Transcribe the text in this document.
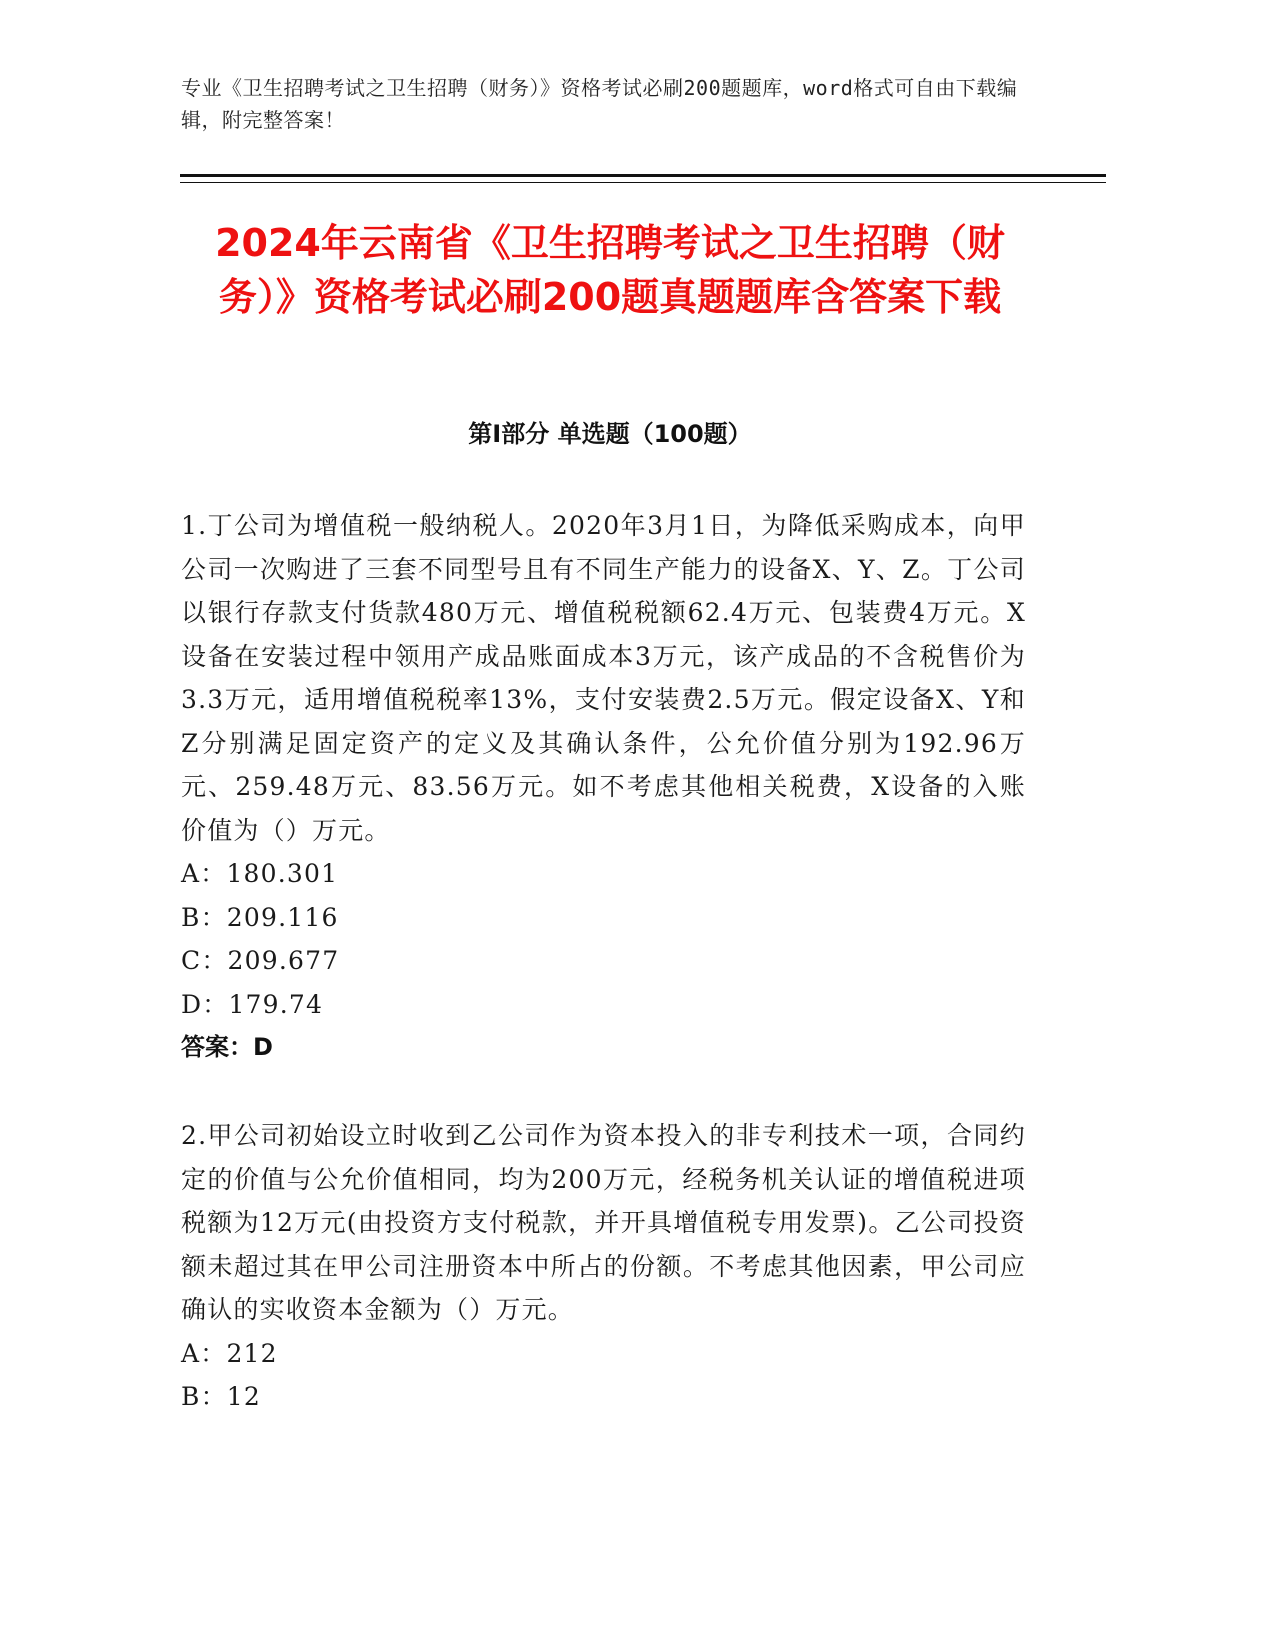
专业《卫生招聘考试之卫生招聘（财务）》资格考试必刷200题题库，word格式可自由下载编辑，附完整答案！
2024年云南省《卫生招聘考试之卫生招聘（财务）》资格考试必刷200题真题题库含答案下载
第I部分 单选题（100题）
1.丁公司为增值税一般纳税人。2020年3月1日，为降低采购成本，向甲公司一次购进了三套不同型号且有不同生产能力的设备X、Y、Z。丁公司以银行存款支付货款480万元、增值税税额62.4万元、包装费4万元。X设备在安装过程中领用产成品账面成本3万元，该产成品的不含税售价为3.3万元，适用增值税税率13%，支付安装费2.5万元。假定设备X、Y和Z分别满足固定资产的定义及其确认条件，公允价值分别为192.96万元、259.48万元、83.56万元。如不考虑其他相关税费，X设备的入账价值为（）万元。
A：180.301
B：209.116
C：209.677
D：179.74
答案：D
2.甲公司初始设立时收到乙公司作为资本投入的非专利技术一项，合同约定的价值与公允价值相同，均为200万元，经税务机关认证的增值税进项税额为12万元(由投资方支付税款，并开具增值税专用发票)。乙公司投资额未超过其在甲公司注册资本中所占的份额。不考虑其他因素，甲公司应确认的实收资本金额为（）万元。
A：212
B：12
